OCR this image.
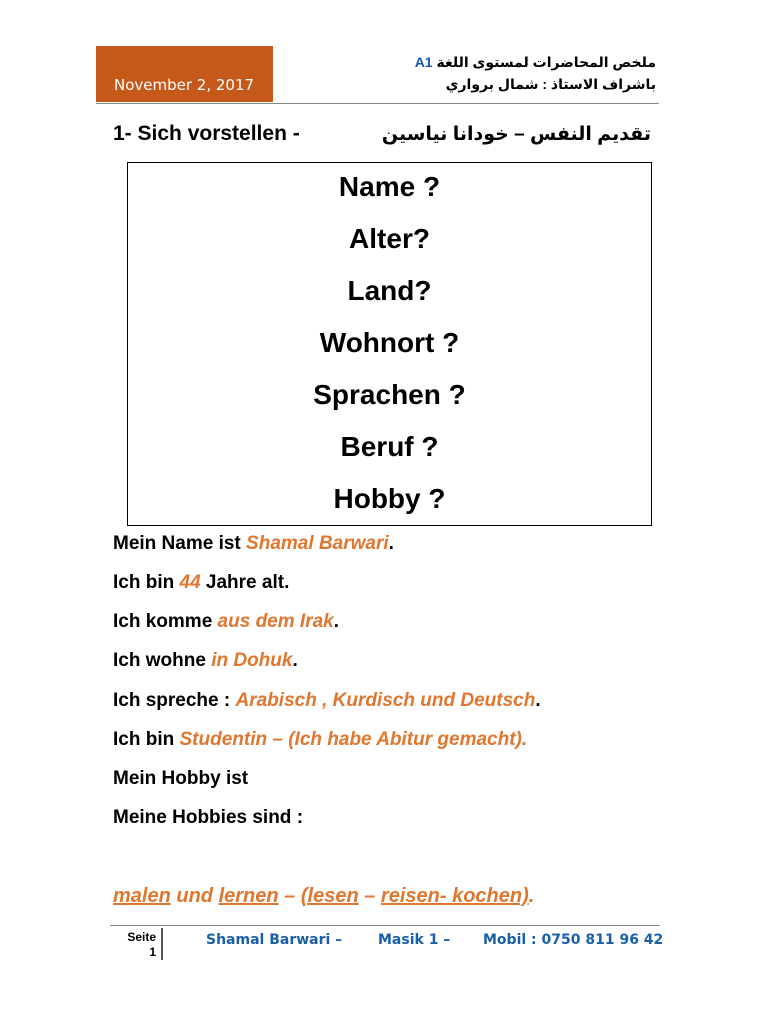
November 2, 2017
ملخص المحاضرات لمستوى اللغة A1
باشراف الاستاذ : شمال برواري
1- Sich vorstellen -	تقديم النفس – خودانا نياسين
Name ?
Alter?
Land?
Wohnort ?
Sprachen ?
Beruf ?
Hobby ?
Mein Name ist Shamal Barwari.
Ich bin 44 Jahre alt.
Ich komme aus dem Irak.
Ich wohne in Dohuk.
Ich spreche : Arabisch , Kurdisch und Deutsch.
Ich bin Studentin – (Ich habe Abitur gemacht).
Mein Hobby ist
Meine Hobbies sind :
malen und lernen – (lesen – reisen- kochen).
Seite
1
Shamal Barwari –	Masik 1 – Mobil : 0750 811 96 42
